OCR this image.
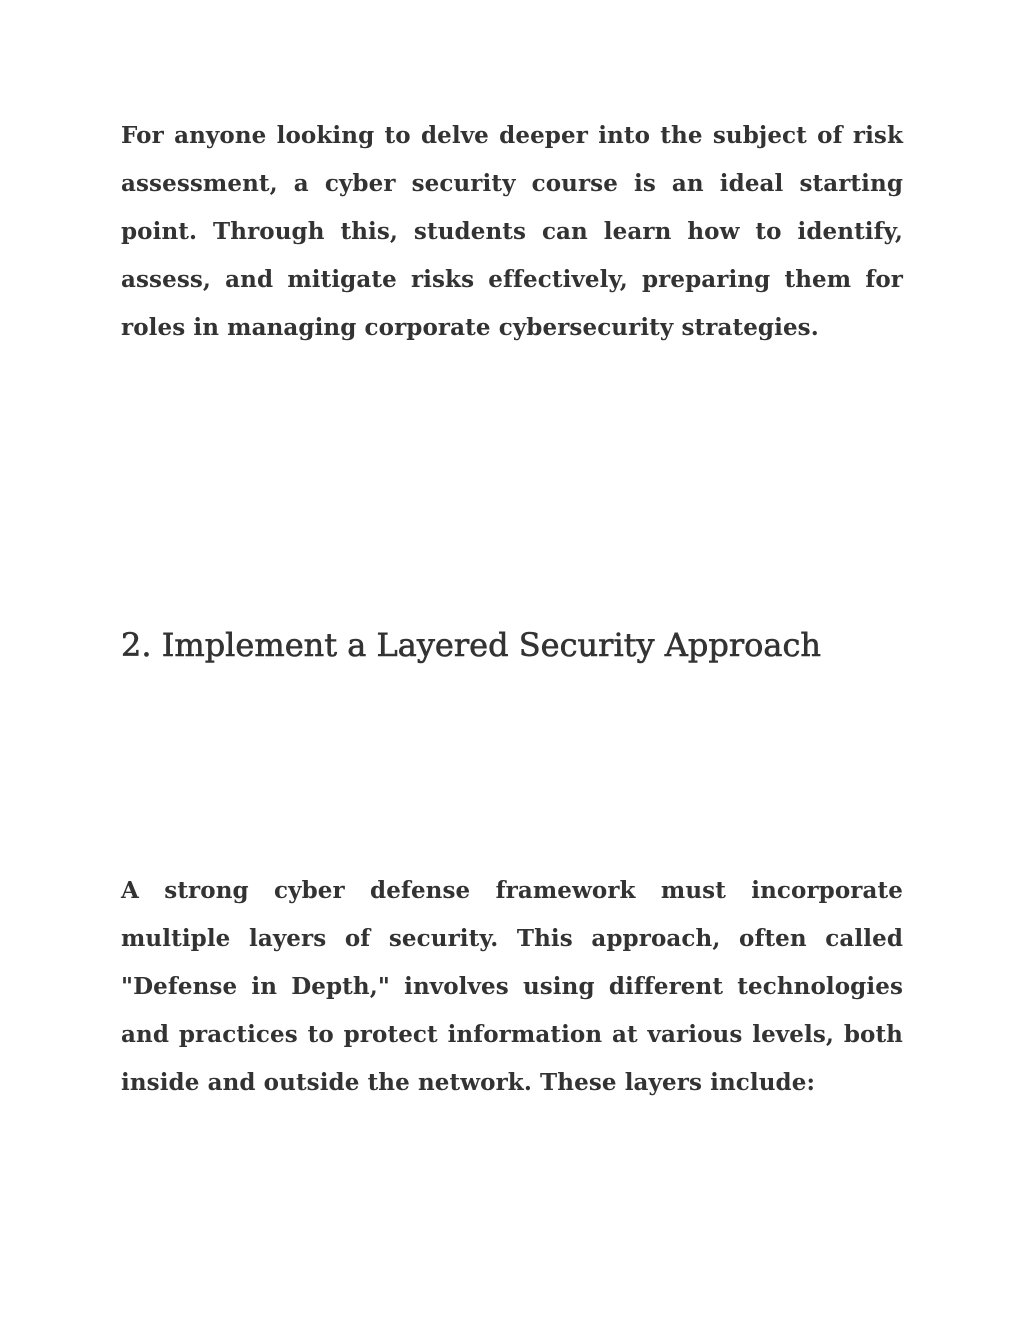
For anyone looking to delve deeper into the subject of risk assessment, a cyber security course is an ideal starting point. Through this, students can learn how to identify, assess, and mitigate risks effectively, preparing them for roles in managing corporate cybersecurity strategies.

2. Implement a Layered Security Approach

A strong cyber defense framework must incorporate multiple layers of security. This approach, often called "Defense in Depth," involves using different technologies and practices to protect information at various levels, both inside and outside the network. These layers include:
